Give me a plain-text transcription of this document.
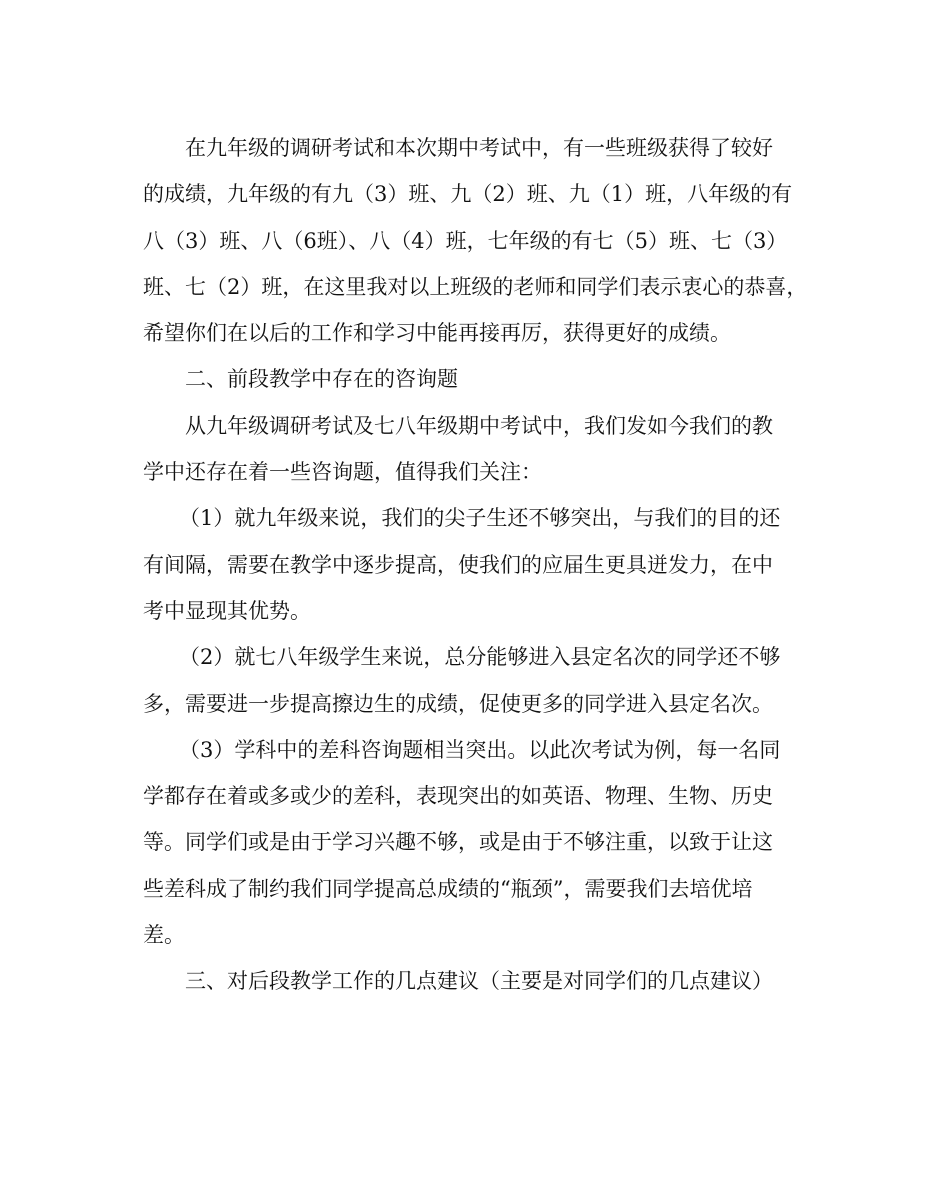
在九年级的调研考试和本次期中考试中，有一些班级获得了较好
的成绩，九年级的有九（3）班、九（2）班、九（1）班，八年级的有
八（3）班、八（6班）、八（4）班，七年级的有七（5）班、七（3）
班、七（2）班，在这里我对以上班级的老师和同学们表示衷心的恭喜，
希望你们在以后的工作和学习中能再接再厉，获得更好的成绩。
二、前段教学中存在的咨询题
从九年级调研考试及七八年级期中考试中，我们发如今我们的教
学中还存在着一些咨询题，值得我们关注：
（1）就九年级来说，我们的尖子生还不够突出，与我们的目的还
有间隔，需要在教学中逐步提高，使我们的应届生更具迸发力，在中
考中显现其优势。
（2）就七八年级学生来说，总分能够进入县定名次的同学还不够
多，需要进一步提高擦边生的成绩，促使更多的同学进入县定名次。
（3）学科中的差科咨询题相当突出。以此次考试为例，每一名同
学都存在着或多或少的差科，表现突出的如英语、物理、生物、历史
等。同学们或是由于学习兴趣不够，或是由于不够注重，以致于让这
些差科成了制约我们同学提高总成绩的“瓶颈”，需要我们去培优培
差。
三、对后段教学工作的几点建议（主要是对同学们的几点建议）
